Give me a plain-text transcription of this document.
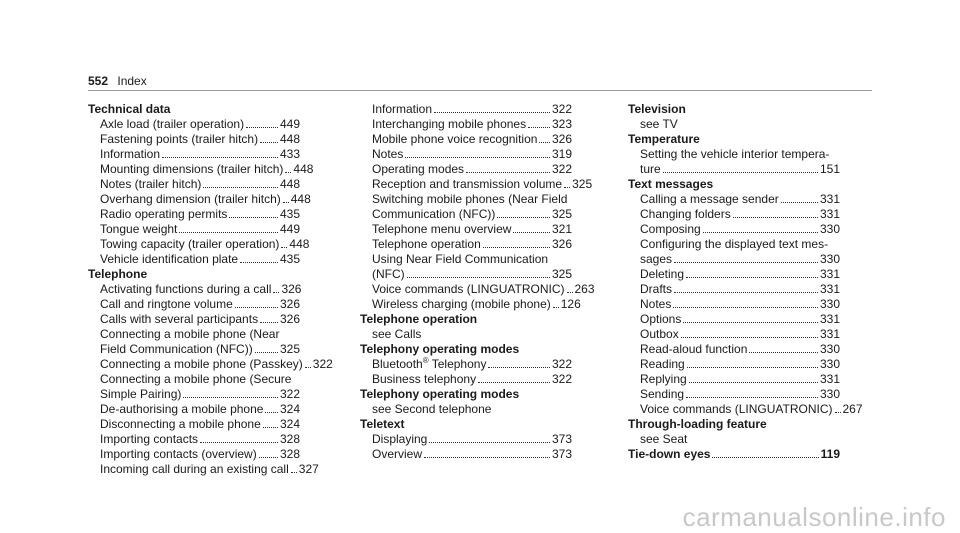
552 Index
Technical data
Axle load (trailer operation)	449
Fastening points (trailer hitch) 448
Information	433
Mounting dimensions (trailer hitch) 448
Notes (trailer hitch)	448
Overhang dimension (trailer hitch) 448
Radio operating permits	435
Tongue weight	449
Towing capacity (trailer operation) 448
Vehicle identification plate	435
Telephone
Activating functions during a call 326
Call and ringtone volume	326
Calls with several participants 326
Connecting a mobile phone (Near
Field Communication (NFC)) 325
Connecting a mobile phone (Passkey) 322
Connecting a mobile phone (Secure
Simple Pairing)	322
De-authorising a mobile phone 324
Disconnecting a mobile phone 324
Importing contacts	328
Importing contacts (overview) 328
Incoming call during an existing call 327
Information	322
Interchanging mobile phones 323
Mobile phone voice recognition 326
Notes	319
Operating modes	322
Reception and transmission volume 325
Switching mobile phones (Near Field
Communication (NFC))	325
Telephone menu overview	321
Telephone operation	326
Using Near Field Communication
(NFC)	325
Voice commands (LINGUATRONIC) 263
Wireless charging (mobile phone) 126
Telephone operation
see Calls
Telephony operating modes
Bluetooth® Telephony	322
Business telephony	322
Telephony operating modes
see Second telephone
Teletext
Displaying	373
Overview	373
Television
see TV
Temperature
Setting the vehicle interior tempera-
ture	151
Text messages
Calling a message sender	331
Changing folders	331
Composing	330
Configuring the displayed text mes-
sages	330
Deleting	331
Drafts	331
Notes	330
Options	331
Outbox	331
Read-aloud function	330
Reading	330
Replying	331
Sending	330
Voice commands (LINGUATRONIC) 267
Through-loading feature
see Seat
Tie-down eyes	119
carmanualsonline.info
